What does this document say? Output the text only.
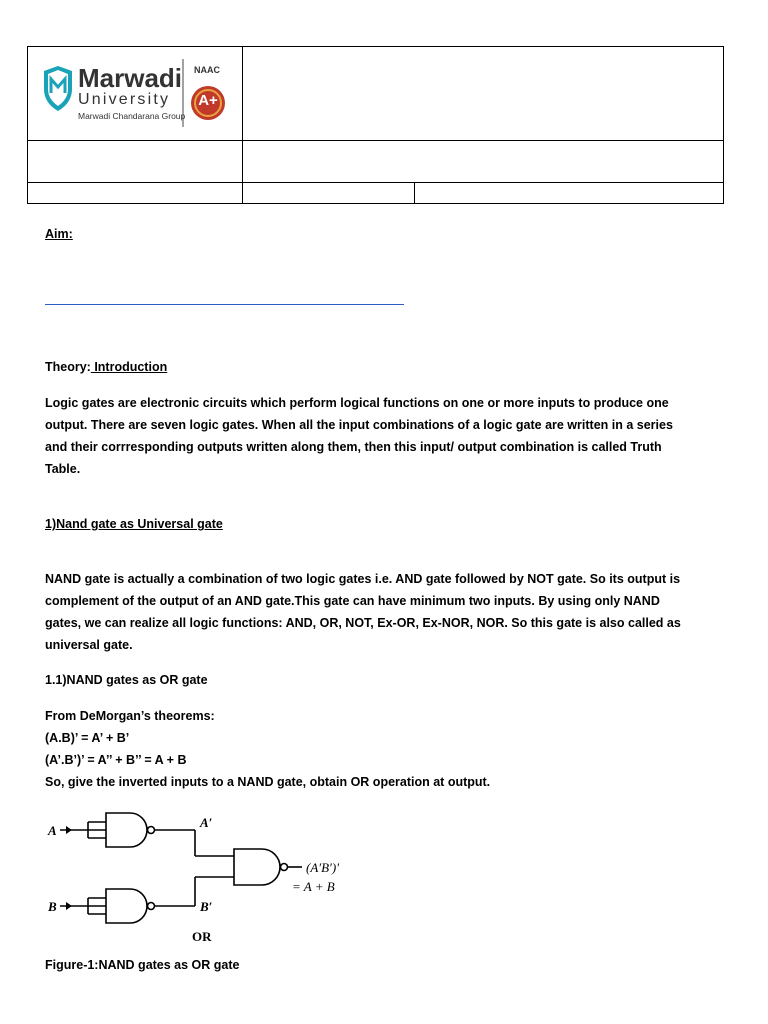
Marwadi
University
Marwadi Chandarana Group
NAAC
A+		

Aim:
Theory: Introduction
Logic gates are electronic circuits which perform logical functions on one or more inputs to produce one
output. There are seven logic gates. When all the input combinations of a logic gate are written in a series
and their corrresponding outputs written along them, then this input/ output combination is called Truth
Table.
1)Nand gate as Universal gate
NAND gate is actually a combination of two logic gates i.e. AND gate followed by NOT gate. So its output is
complement of the output of an AND gate.This gate can have minimum two inputs. By using only NAND
gates, we can realize all logic functions: AND, OR, NOT, Ex-OR, Ex-NOR, NOR. So this gate is also called as
universal gate.
1.1)NAND gates as OR gate
From DeMorgan’s theorems:
(A.B)’ = A’ + B’
(A’.B’)’ = A’’ + B’’ = A + B
So, give the inverted inputs to a NAND gate, obtain OR operation at output.
A
B
A′
B′
(A′B′)′
= A + B
OR
Figure-1:NAND gates as OR gate
